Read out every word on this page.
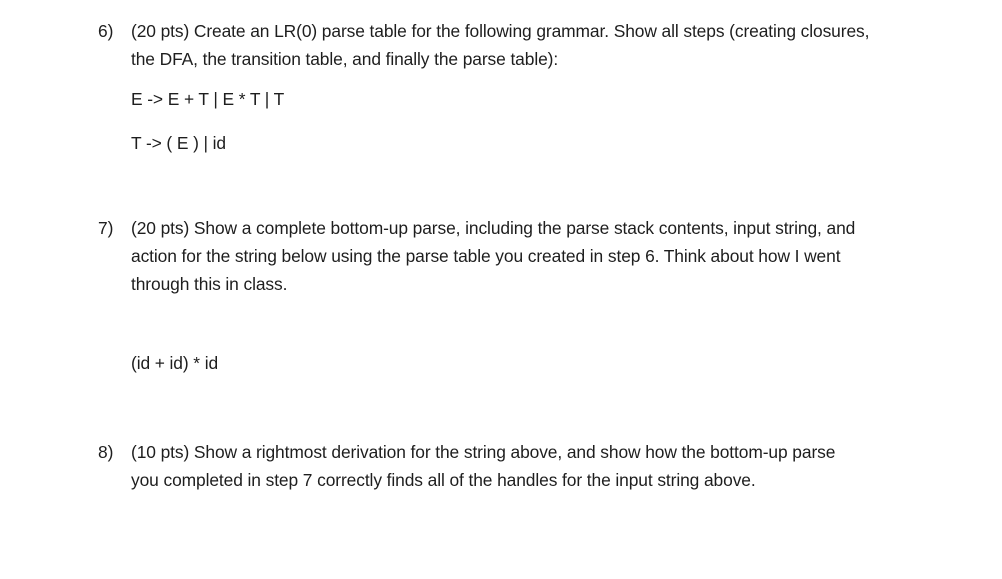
6)	(20 pts) Create an LR(0) parse table for the following grammar. Show all steps (creating closures,
the DFA, the transition table, and finally the parse table):
E -> E + T | E * T | T
T -> ( E ) | id
7)	(20 pts) Show a complete bottom-up parse, including the parse stack contents, input string, and
action for the string below using the parse table you created in step 6. Think about how I went
through this in class.
(id + id) * id
8)	(10 pts) Show a rightmost derivation for the string above, and show how the bottom-up parse
you completed in step 7 correctly finds all of the handles for the input string above.
